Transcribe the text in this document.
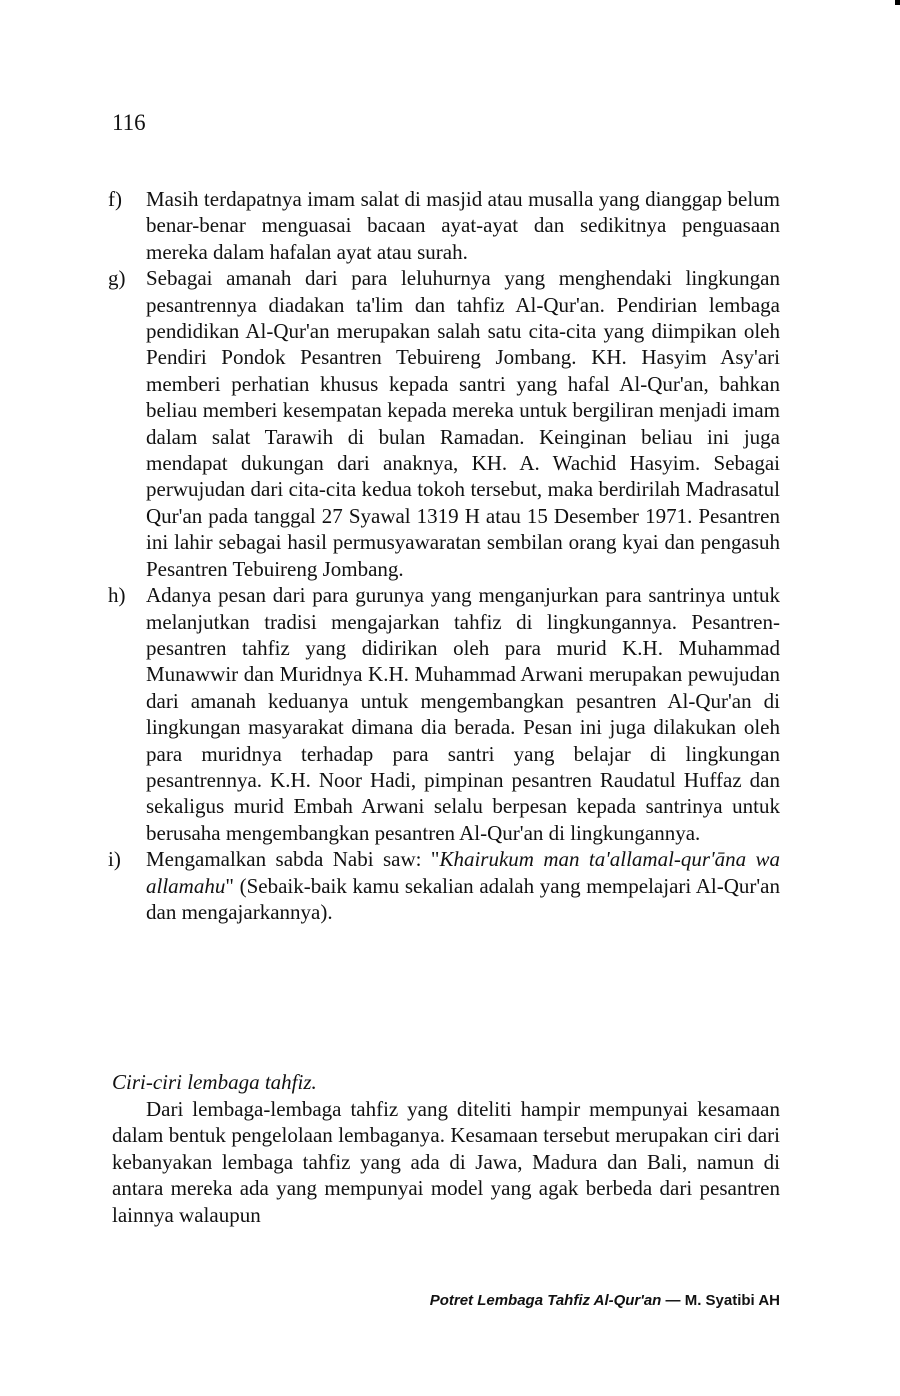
116
f)	Masih terdapatnya imam salat di masjid atau musalla yang dianggap belum benar-benar menguasai bacaan ayat-ayat dan sedikitnya penguasaan mereka dalam hafalan ayat atau surah.
g) Sebagai amanah dari para leluhurnya yang menghendaki lingkungan pesantrennya diadakan ta'lim dan tahfiz Al-Qur'an. Pendirian lembaga pendidikan Al-Qur'an merupakan salah satu cita-cita yang diimpikan oleh Pendiri Pondok Pesantren Tebuireng Jombang. KH. Hasyim Asy'ari memberi perhatian khusus kepada santri yang hafal Al-Qur'an, bahkan beliau memberi kesempatan kepada mereka untuk bergiliran menjadi imam dalam salat Tarawih di bulan Ramadan. Keinginan beliau ini juga mendapat dukungan dari anaknya, KH. A. Wachid Hasyim. Sebagai perwujudan dari cita-cita kedua tokoh tersebut, maka berdirilah Madrasatul Qur'an pada tanggal 27 Syawal 1319 H atau 15 Desember 1971. Pesantren ini lahir sebagai hasil permusyawaratan sembilan orang kyai dan pengasuh Pesantren Tebuireng Jombang.
h) Adanya pesan dari para gurunya yang menganjurkan para santrinya untuk melanjutkan tradisi mengajarkan tahfiz di lingkungannya. Pesantren-pesantren tahfiz yang didirikan oleh para murid K.H. Muhammad Munawwir dan Muridnya K.H. Muhammad Arwani merupakan pewujudan dari amanah keduanya untuk mengembangkan pesantren Al-Qur'an di lingkungan masyarakat dimana dia berada. Pesan ini juga dilakukan oleh para muridnya terhadap para santri yang belajar di lingkungan pesantrennya. K.H. Noor Hadi, pimpinan pesantren Raudatul Huffaz dan sekaligus murid Embah Arwani selalu berpesan kepada santrinya untuk berusaha mengembangkan pesantren Al-Qur'an di lingkungannya.
i)	Mengamalkan sabda Nabi saw: "Khairukum man ta'allamal-qur'āna wa allamahu" (Sebaik-baik kamu sekalian adalah yang mempelajari Al-Qur'an dan mengajarkannya).
Ciri-ciri lembaga tahfiz.

Dari lembaga-lembaga tahfiz yang diteliti hampir mempunyai kesamaan dalam bentuk pengelolaan lembaganya. Kesamaan tersebut merupakan ciri dari kebanyakan lembaga tahfiz yang ada di Jawa, Madura dan Bali, namun di antara mereka ada yang mempunyai model yang agak berbeda dari pesantren lainnya walaupun

Potret Lembaga Tahfiz Al-Qur'an — M. Syatibi AH
